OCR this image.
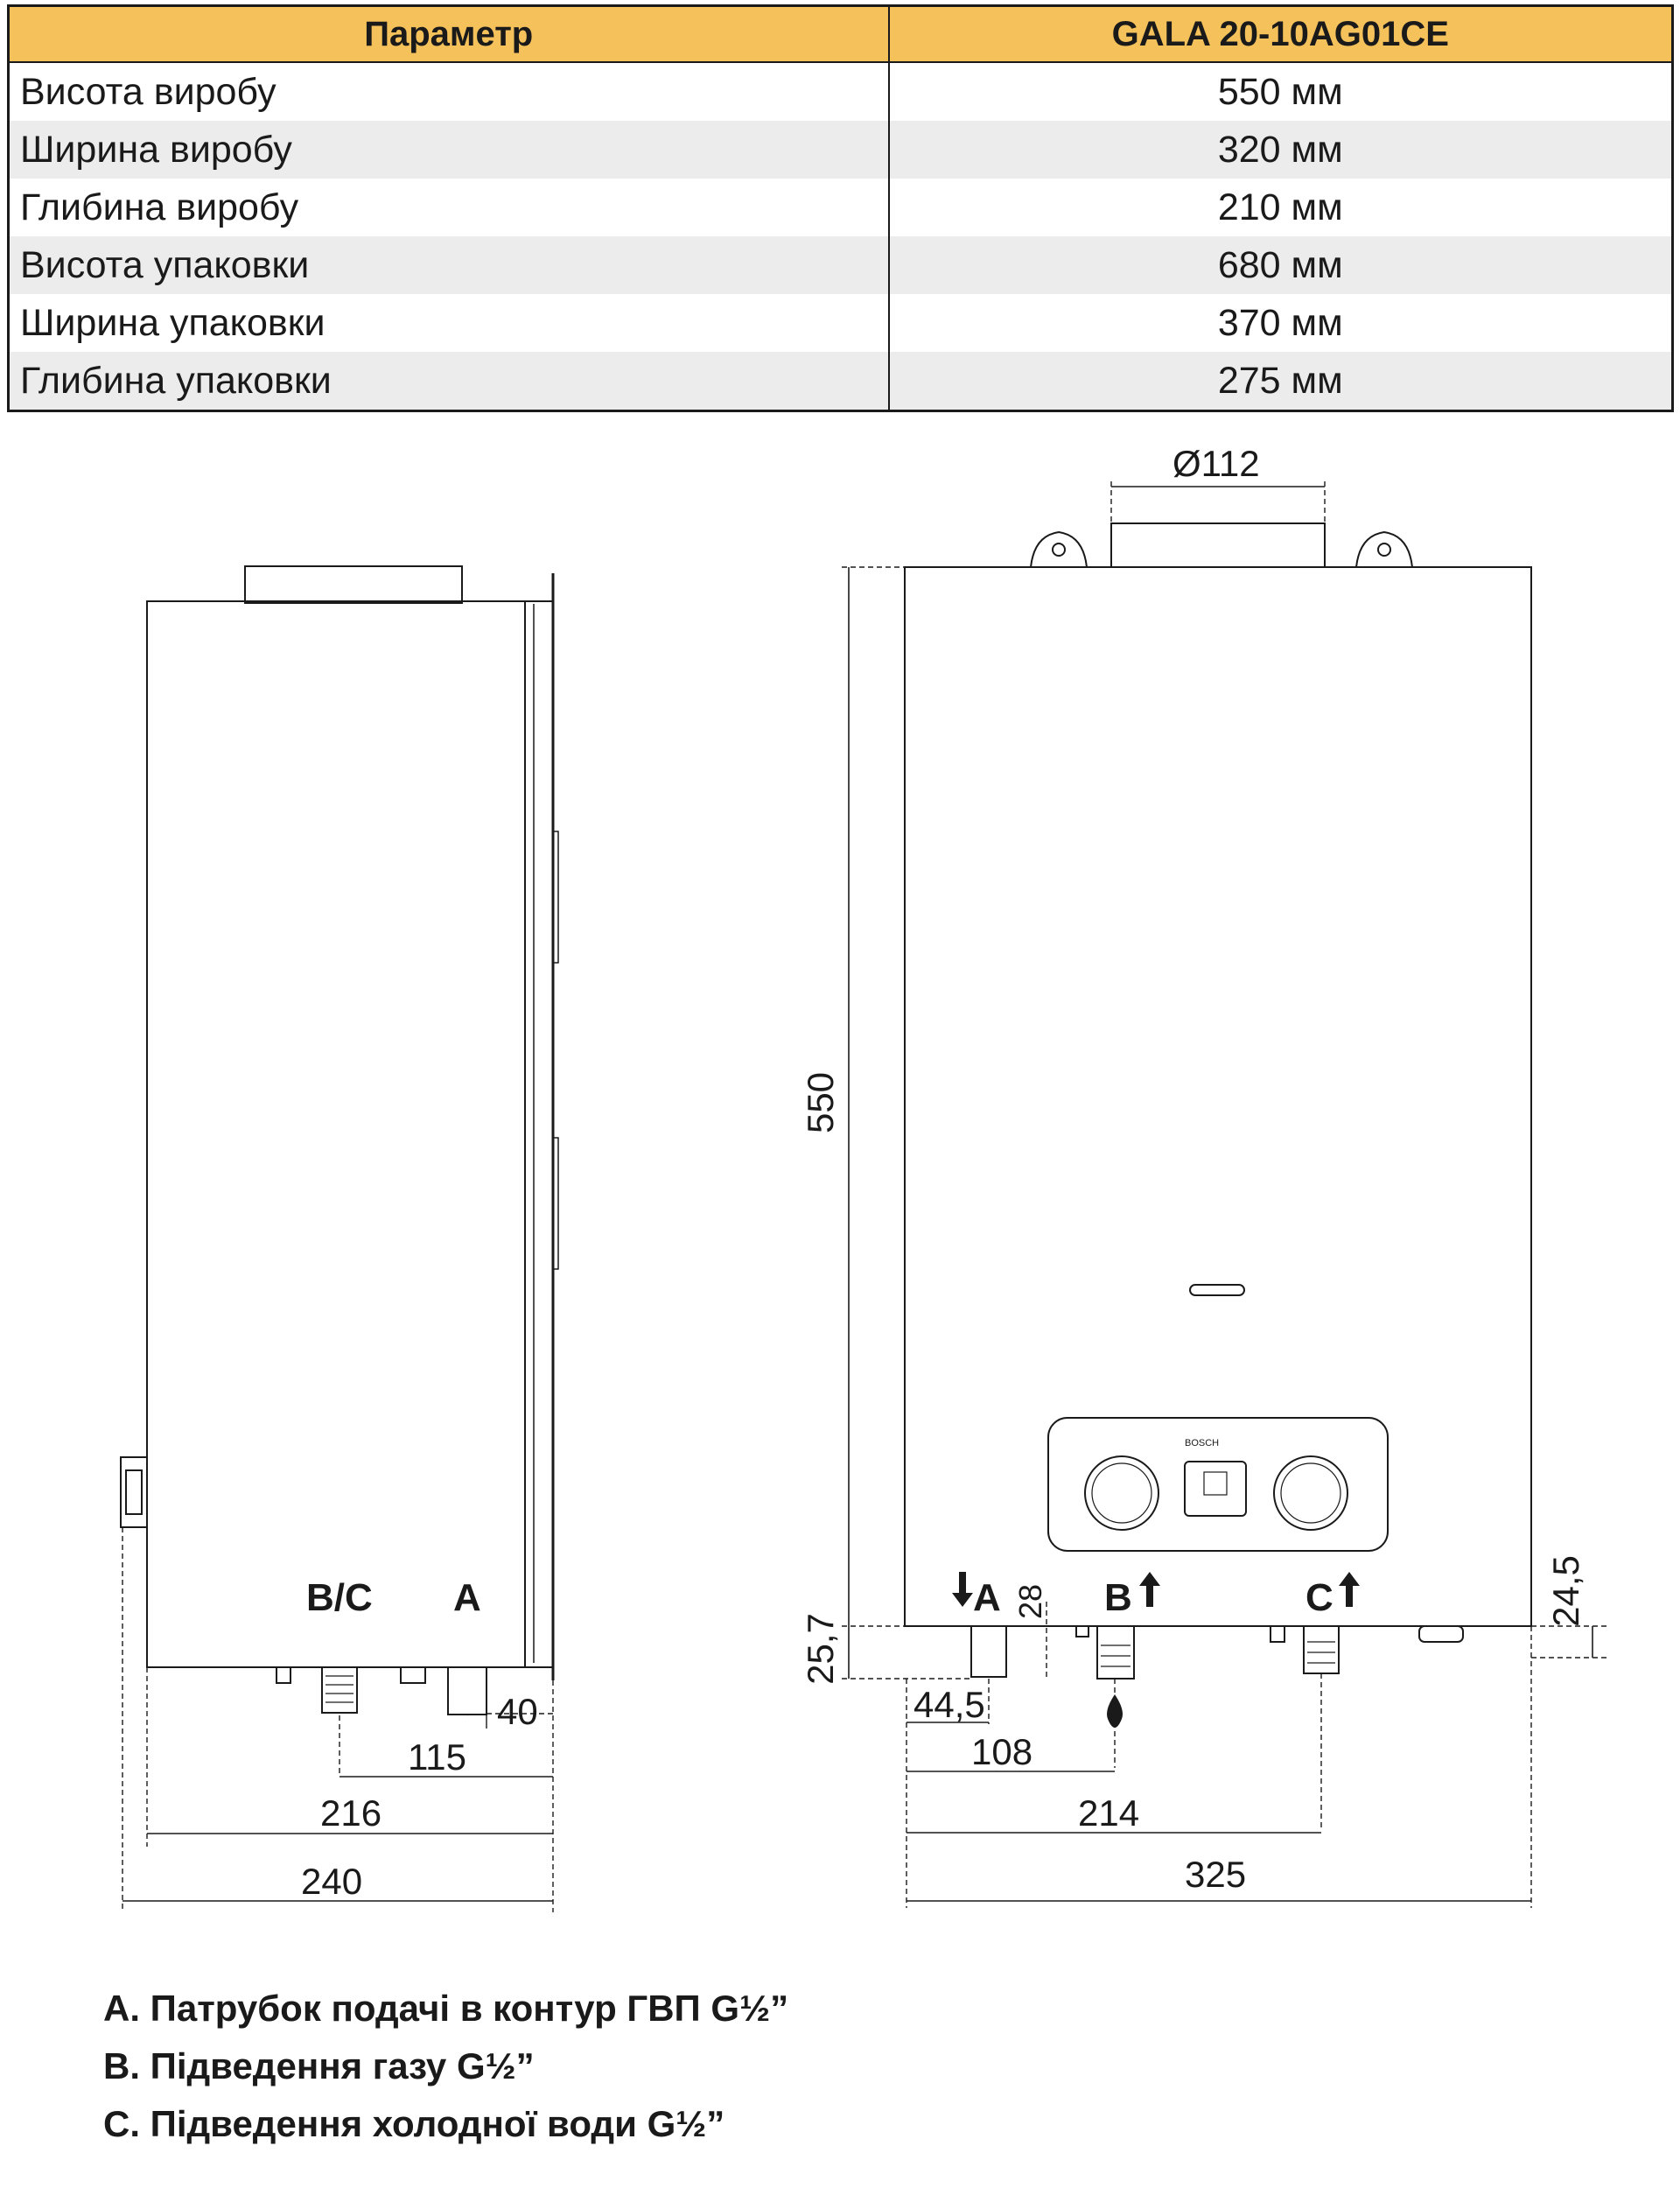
Параметр	GALA 20-10AG01CE
Висота виробу	550 мм
Ширина виробу	320 мм
Глибина виробу	210 мм
Висота упаковки	680 мм
Ширина упаковки	370 мм
Глибина упаковки	275 мм
B/C A
40
115
216
240
A	B	C
BOSCH
Ø112
550
28	24,5
25,7
44,5
108
214
325
A. Патрубок подачі в контур ГВП G½”
B. Підведення газу G½”
C. Підведення холодної води G½”
